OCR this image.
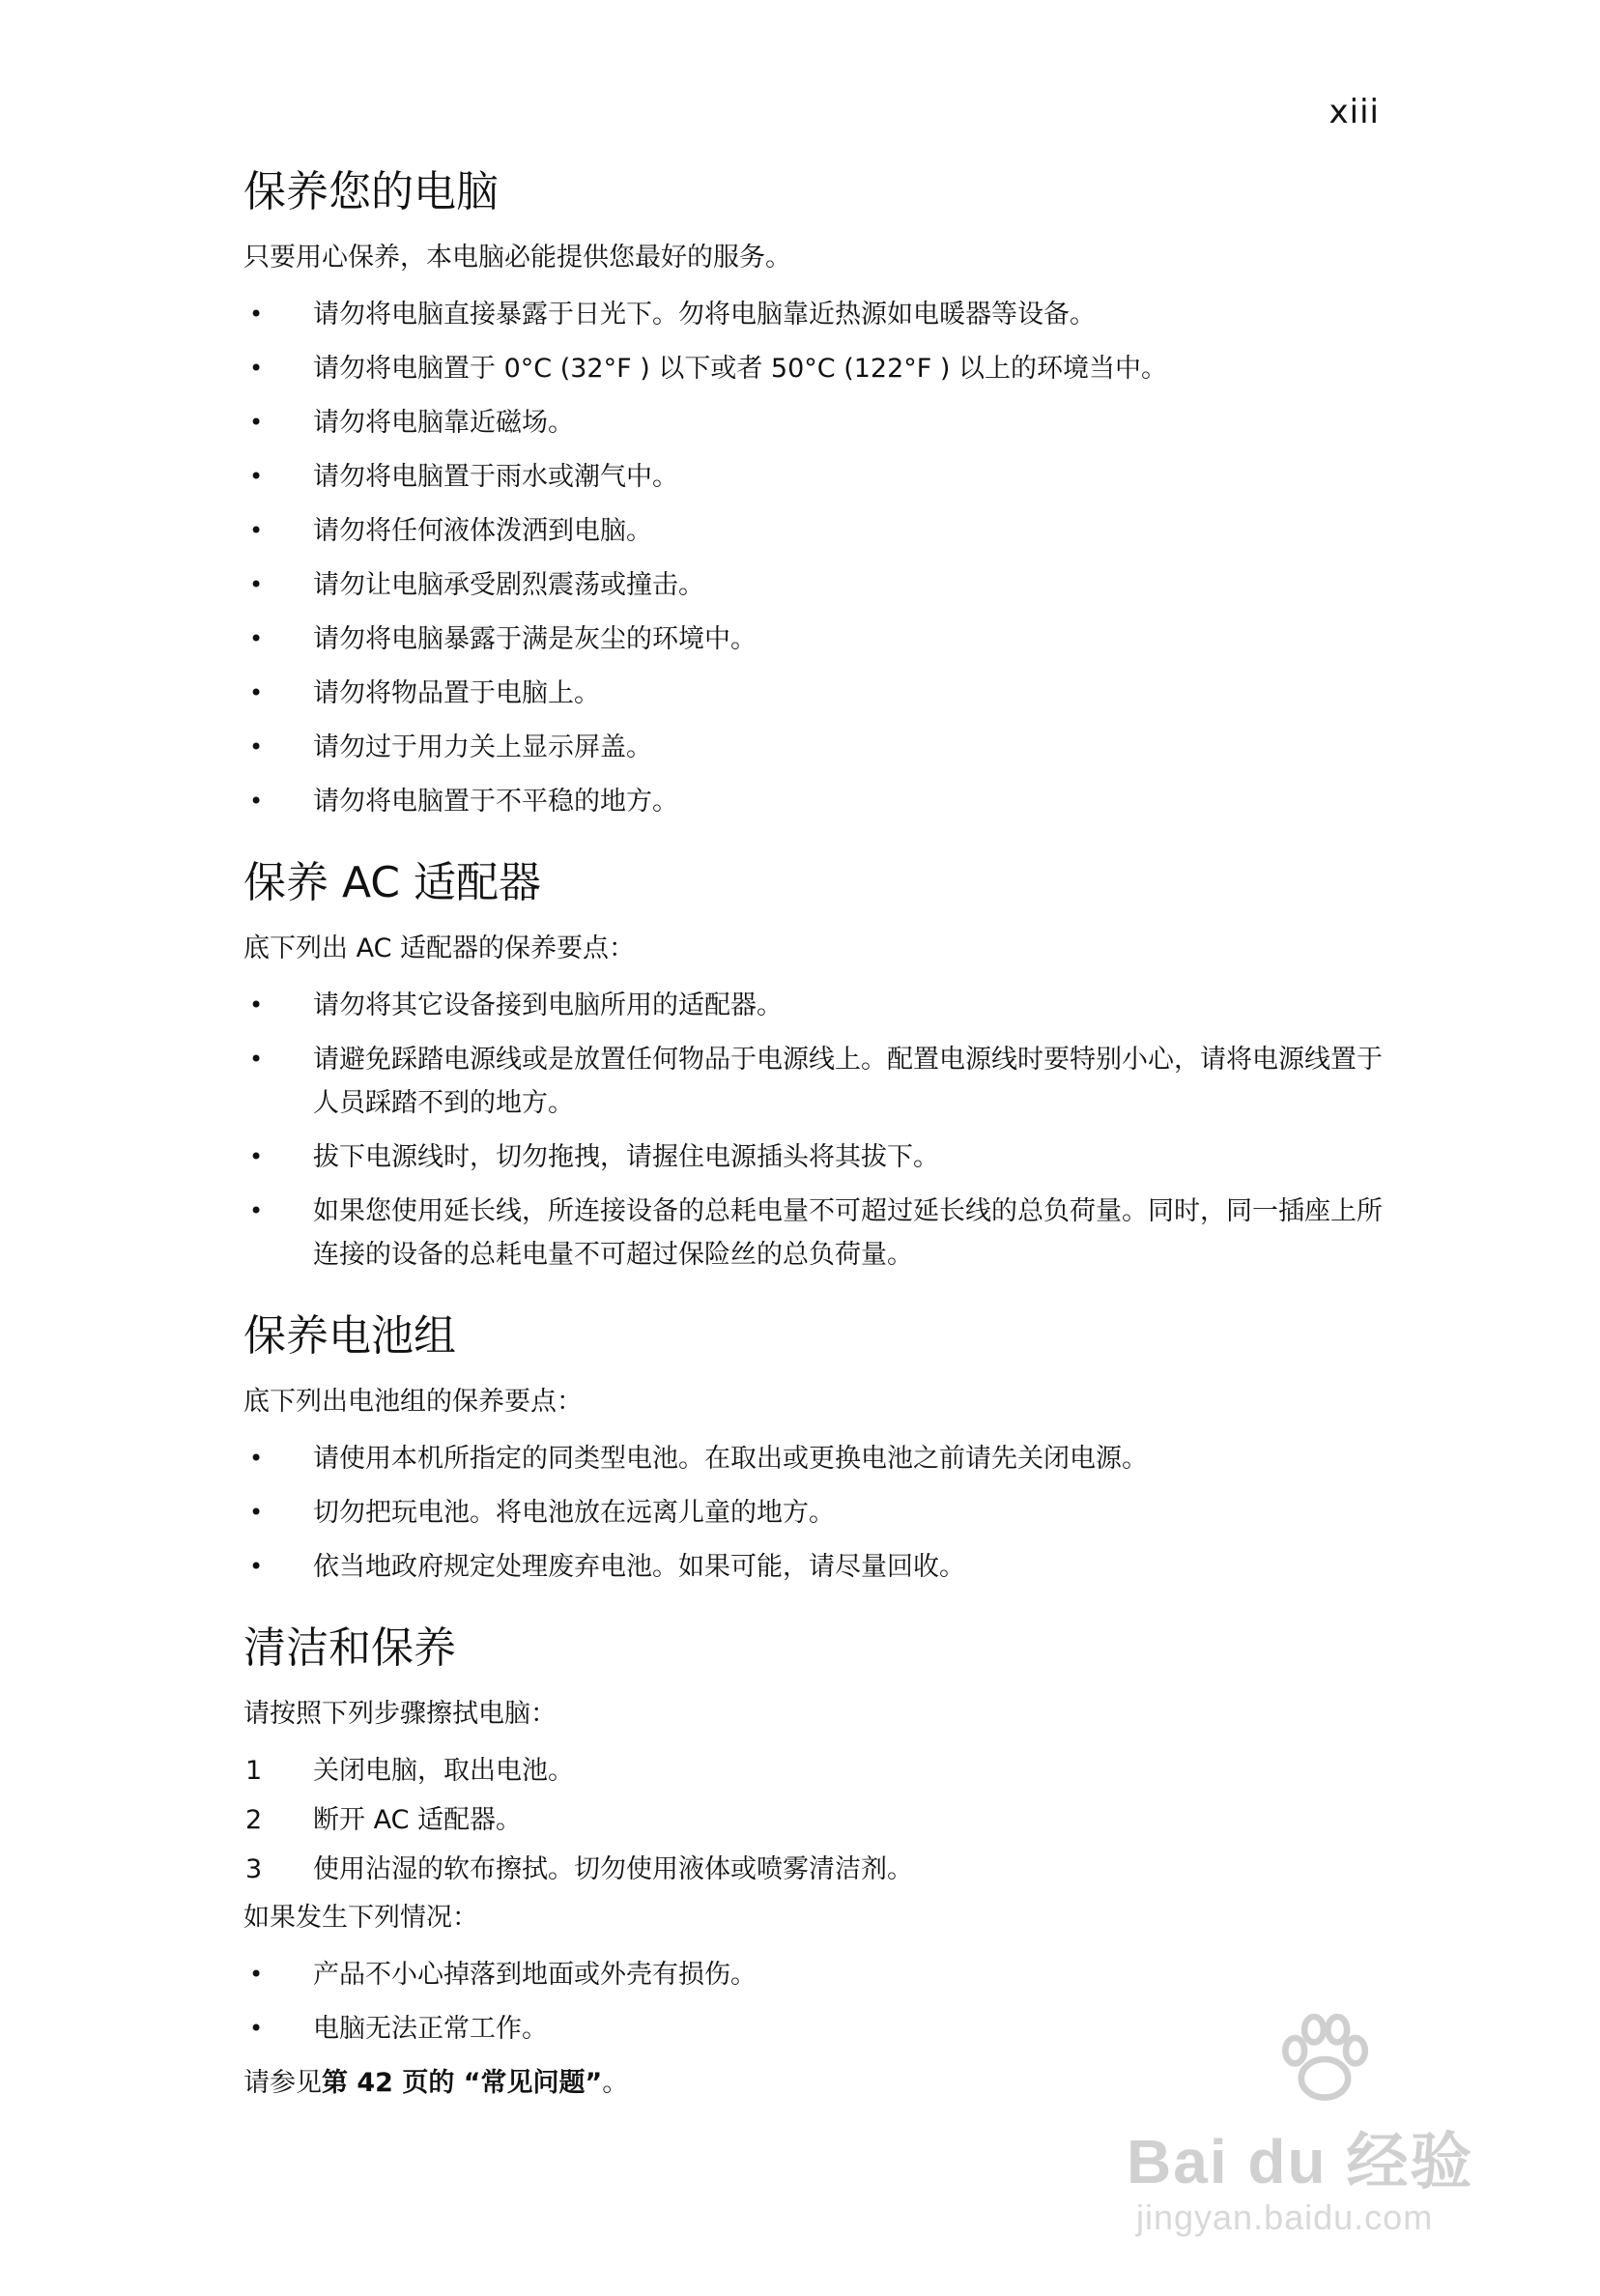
xiii
保养您的电脑

只要用心保养，本电脑必能提供您最好的服务。

• 请勿将电脑直接暴露于日光下。勿将电脑靠近热源如电暖器等设备。
• 请勿将电脑置于 0°C (32°F ) 以下或者 50°C (122°F ) 以上的环境当中。
• 请勿将电脑靠近磁场。
• 请勿将电脑置于雨水或潮气中。
• 请勿将任何液体泼洒到电脑。
• 请勿让电脑承受剧烈震荡或撞击。
• 请勿将电脑暴露于满是灰尘的环境中。
• 请勿将物品置于电脑上。
• 请勿过于用力关上显示屏盖。
• 请勿将电脑置于不平稳的地方。
保养 AC 适配器

底下列出 AC 适配器的保养要点：

• 请勿将其它设备接到电脑所用的适配器。
• 请避免踩踏电源线或是放置任何物品于电源线上。配置电源线时要特别小心，请将电源线置于人员踩踏不到的地方。
• 拔下电源线时，切勿拖拽，请握住电源插头将其拔下。
• 如果您使用延长线，所连接设备的总耗电量不可超过延长线的总负荷量。同时，同一插座上所连接的设备的总耗电量不可超过保险丝的总负荷量。
保养电池组

底下列出电池组的保养要点：

• 请使用本机所指定的同类型电池。在取出或更换电池之前请先关闭电源。
• 切勿把玩电池。将电池放在远离儿童的地方。
• 依当地政府规定处理废弃电池。如果可能，请尽量回收。
清洁和保养

请按照下列步骤擦拭电脑：

1 关闭电脑，取出电池。
2 断开 AC 适配器。
3 使用沾湿的软布擦拭。切勿使用液体或喷雾清洁剂。

如果发生下列情况：

• 产品不小心掉落到地面或外壳有损伤。
• 电脑无法正常工作。
请参见第 42 页的 “常见问题”。
Bai du 经验
jingyan.baidu.com
